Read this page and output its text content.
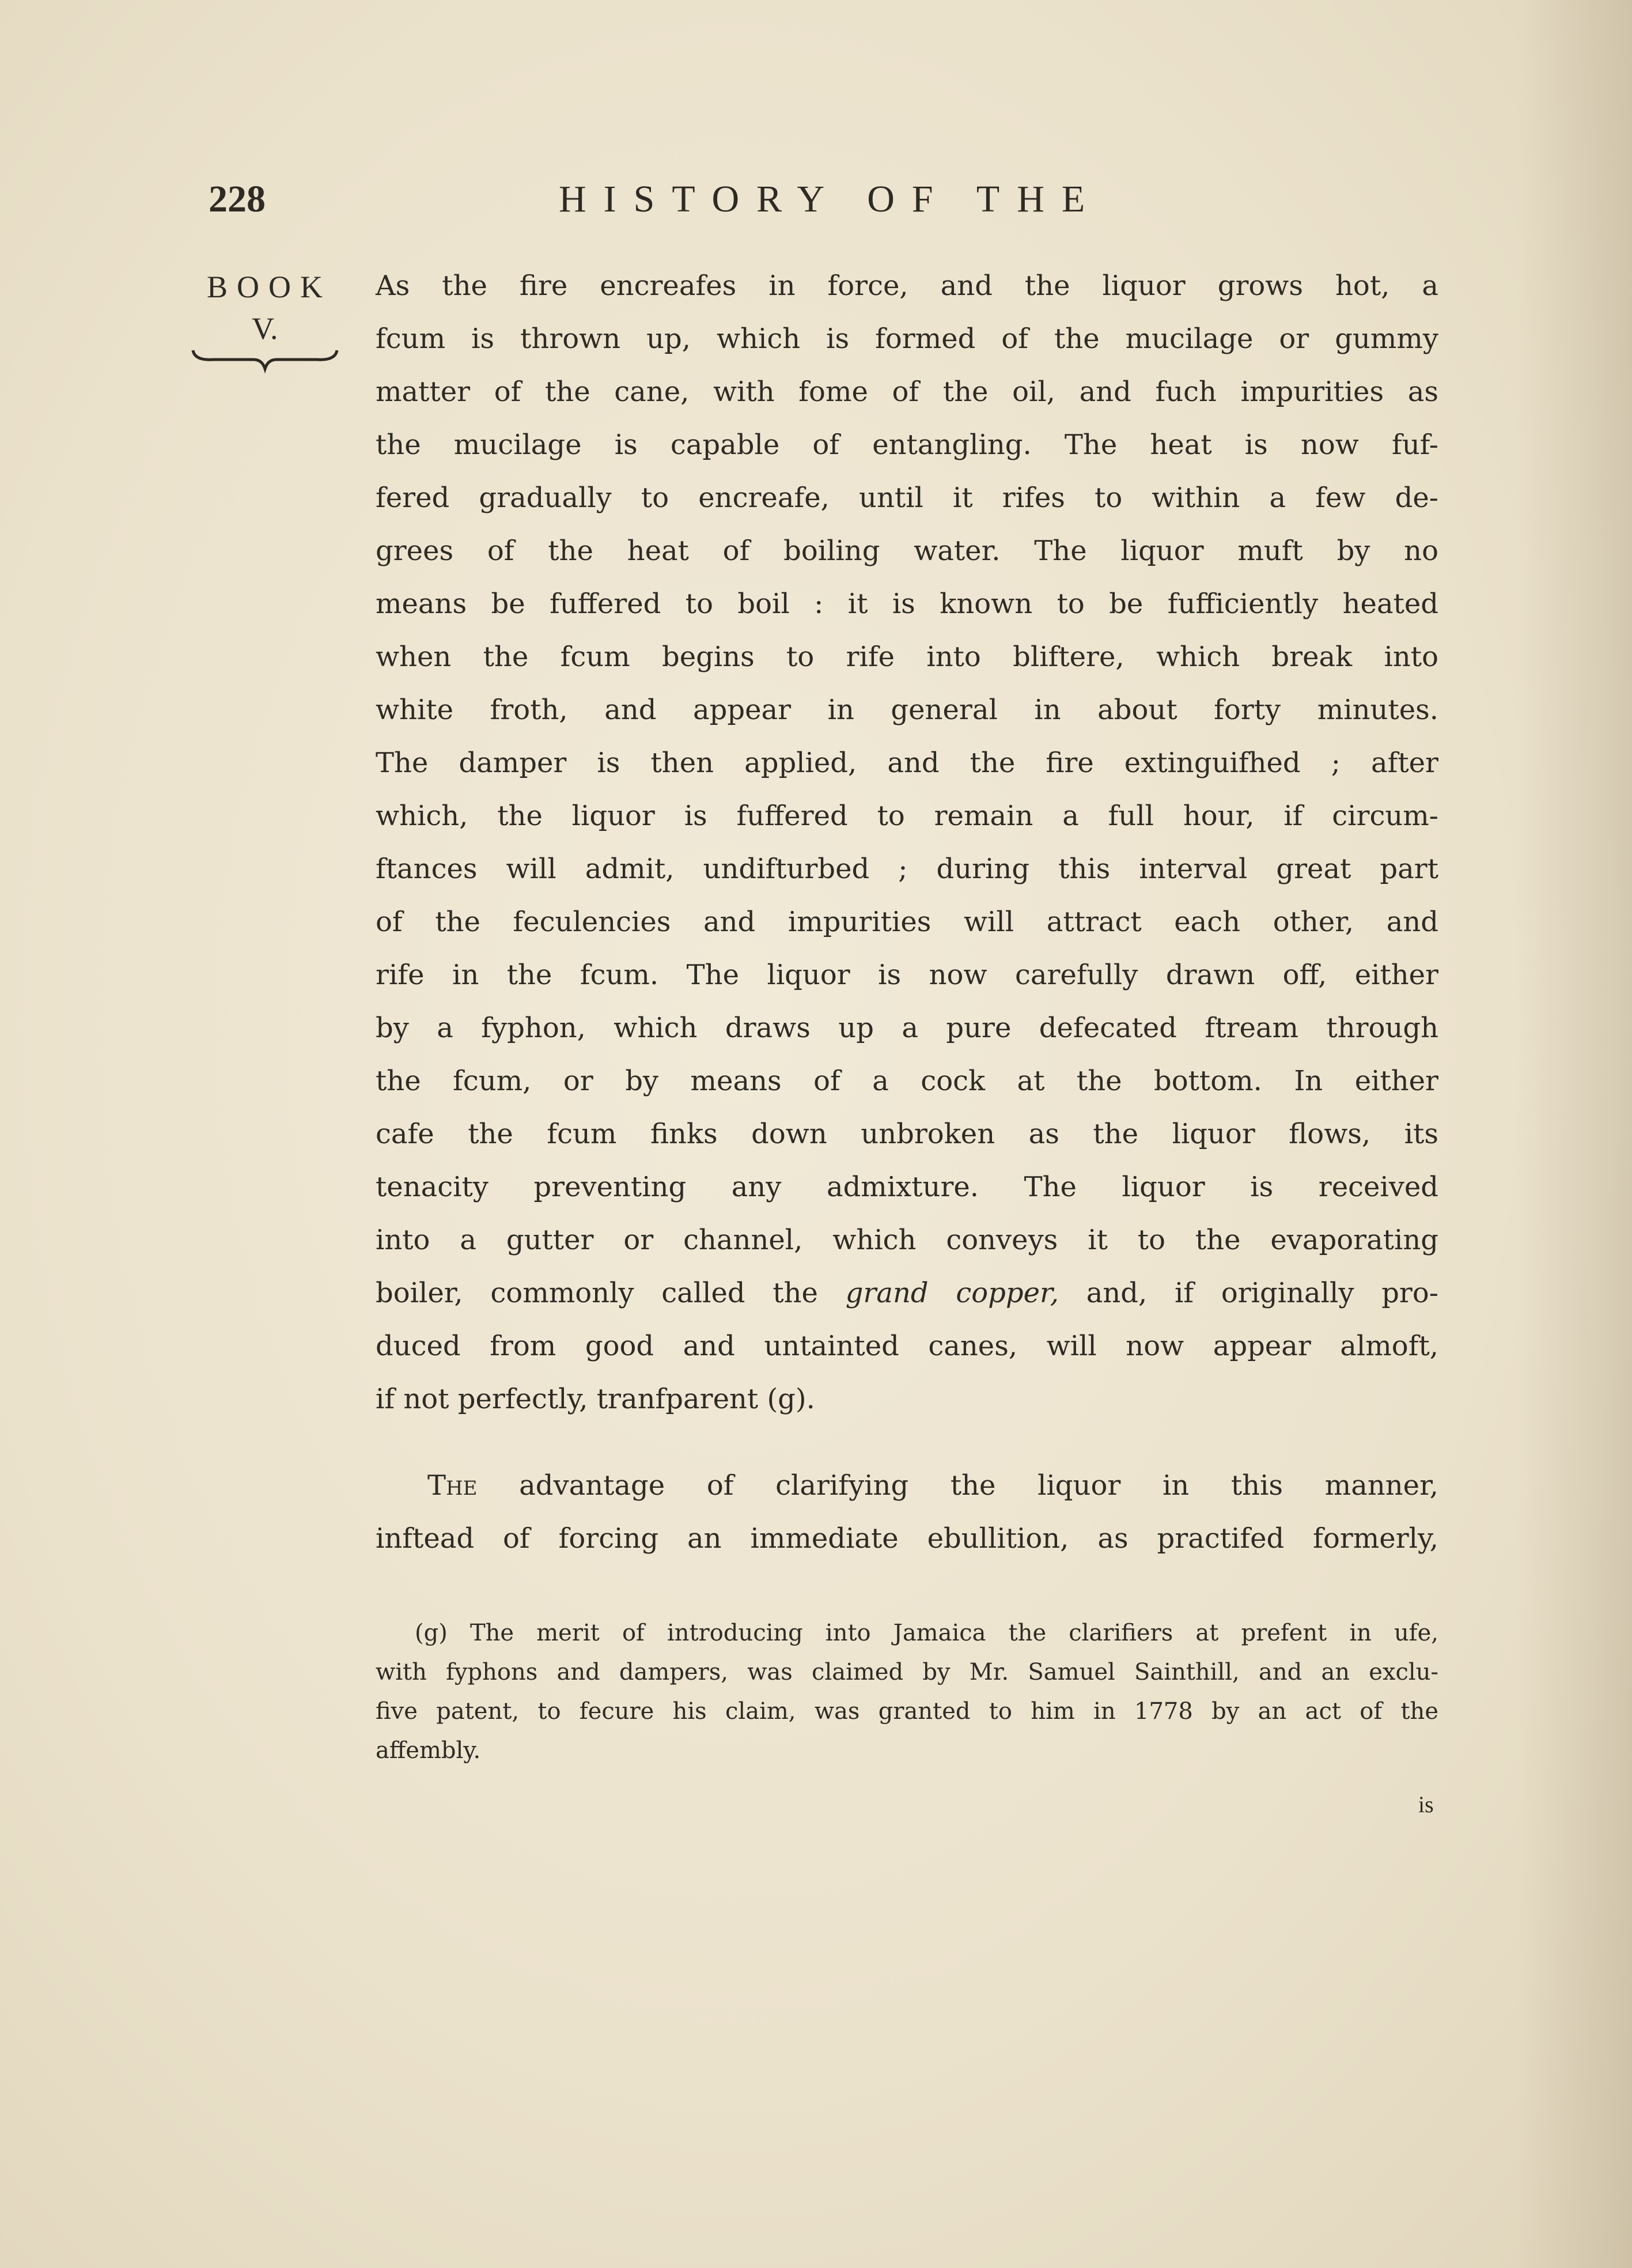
228	HISTORY OF THE
BOOK
V.
As the fire encreafes in force, and the liquor grows hot, a
fcum is thrown up, which is formed of the mucilage or gummy
matter of the cane, with fome of the oil, and fuch impurities as
the mucilage is capable of entangling. The heat is now fuf-
fered gradually to encreafe, until it rifes to within a few de-
grees of the heat of boiling water. The liquor muft by no
means be fuffered to boil : it is known to be fufficiently heated
when the fcum begins to rife into bliftere, which break into
white froth, and appear in general in about forty minutes.
The damper is then applied, and the fire extinguifhed ; after
which, the liquor is fuffered to remain a full hour, if circum-
ftances will admit, undifturbed ; during this interval great part
of the feculencies and impurities will attract each other, and
rife in the fcum. The liquor is now carefully drawn off, either
by a fyphon, which draws up a pure defecated ftream through
the fcum, or by means of a cock at the bottom. In either
cafe the fcum finks down unbroken as the liquor flows, its
tenacity preventing any admixture. The liquor is received
into a gutter or channel, which conveys it to the evaporating
boiler, commonly called the grand copper, and, if originally pro-
duced from good and untainted canes, will now appear almoft,
if not perfectly, tranfparent (g).
The advantage of clarifying the liquor in this manner,
inftead of forcing an immediate ebullition, as practifed formerly,
(g) The merit of introducing into Jamaica the clarifiers at prefent in ufe,
with fyphons and dampers, was claimed by Mr. Samuel Sainthill, and an exclu-
five patent, to fecure his claim, was granted to him in 1778 by an act of the
affembly.
is
